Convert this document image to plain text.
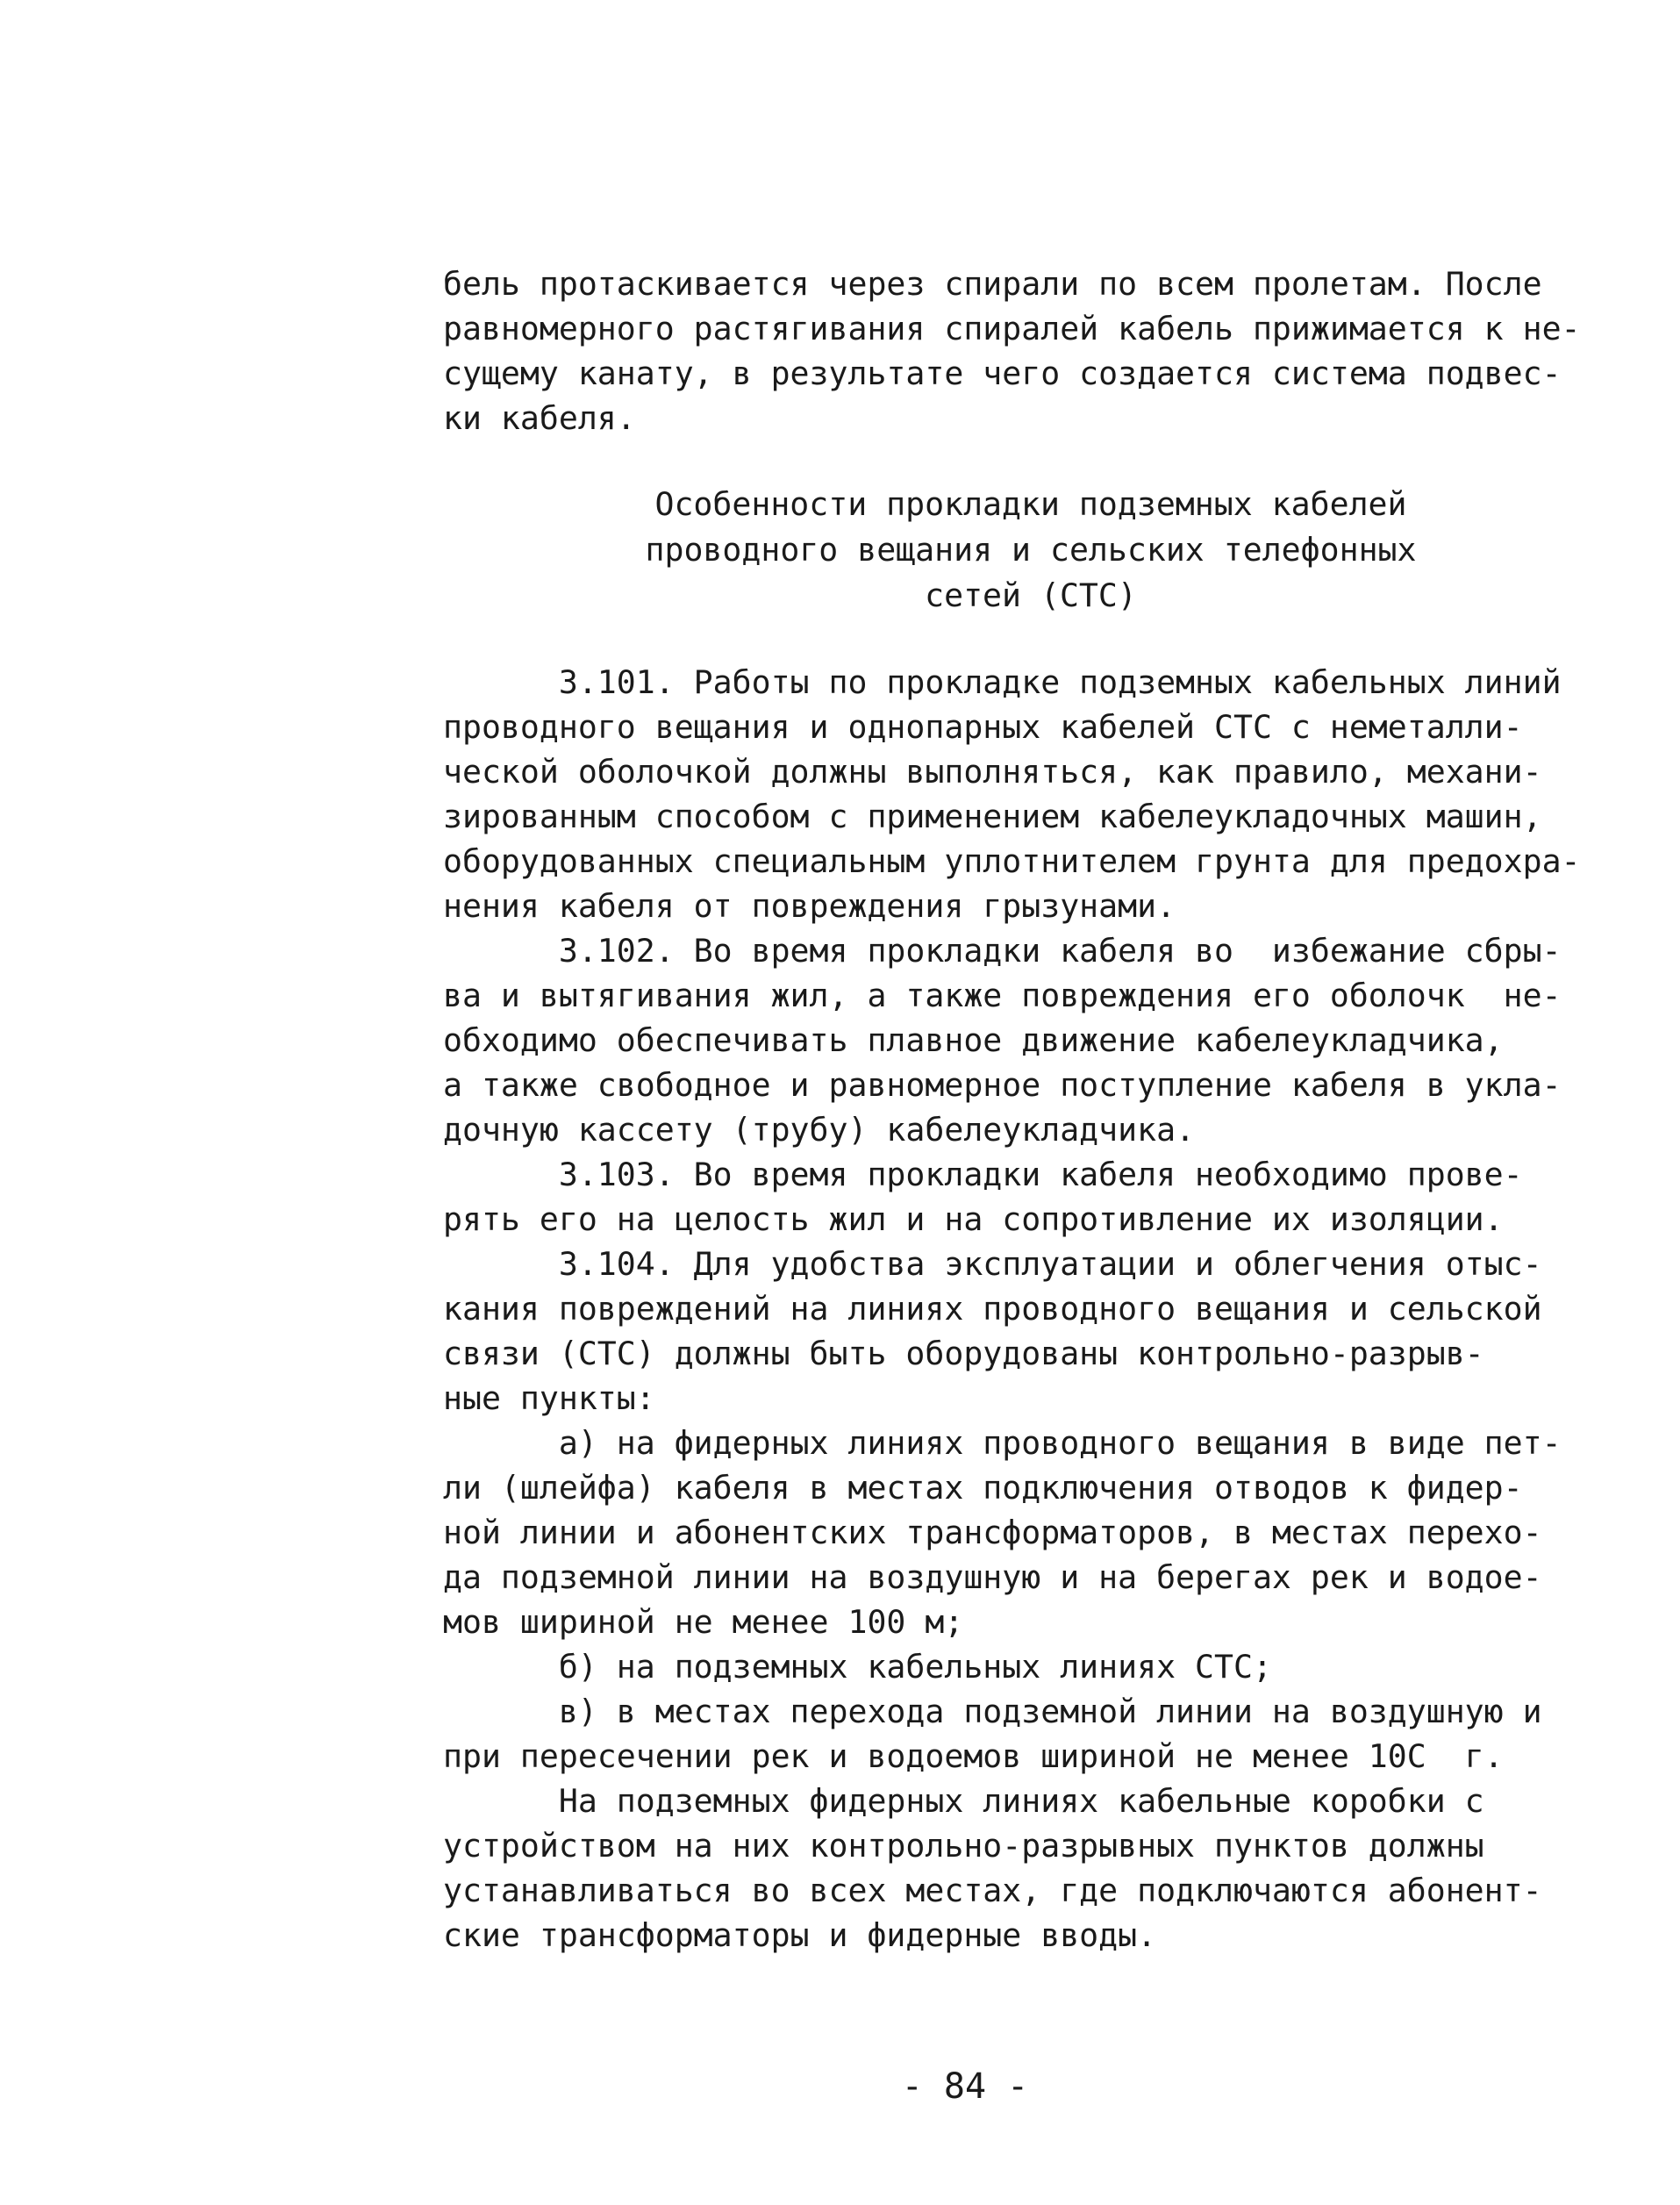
бель протаскивается через спирали по всем пролетам. После
равномерного растягивания спиралей кабель прижимается к не-
сущему канату, в результате чего создается система подвес-
ки кабеля.
Особенности прокладки подземных кабелей
проводного вещания и сельских телефонных
сетей (СТС)
3.101. Работы по прокладке подземных кабельных линий
проводного вещания и однопарных кабелей СТС с неметалли-
ческой оболочкой должны выполняться, как правило, механи-
зированным способом с применением кабелеукладочных машин,
оборудованных специальным уплотнителем грунта для предохра-
нения кабеля от повреждения грызунами.
3.102. Во время прокладки кабеля во  избежание сбры-
ва и вытягивания жил, а также повреждения его оболочк  не-
обходимо обеспечивать плавное движение кабелеукладчика,
а также свободное и равномерное поступление кабеля в укла-
дочную кассету (трубу) кабелеукладчика.
3.103. Во время прокладки кабеля необходимо прове-
рять его на целость жил и на сопротивление их изоляции.
3.104. Для удобства эксплуатации и облегчения отыс-
кания повреждений на линиях проводного вещания и сельской
связи (СТС) должны быть оборудованы контрольно-разрыв-
ные пункты:
а) на фидерных линиях проводного вещания в виде пет-
ли (шлейфа) кабеля в местах подключения отводов к фидер-
ной линии и абонентских трансформаторов, в местах перехо-
да подземной линии на воздушную и на берегах рек и водое-
мов шириной не менее 100 м;
б) на подземных кабельных линиях СТС;
в) в местах перехода подземной линии на воздушную и
при пересечении рек и водоемов шириной не менее 10С  г.
На подземных фидерных линиях кабельные коробки с
устройством на них контрольно-разрывных пунктов должны
устанавливаться во всех местах, где подключаются абонент-
ские трансформаторы и фидерные вводы.
- 84 -
